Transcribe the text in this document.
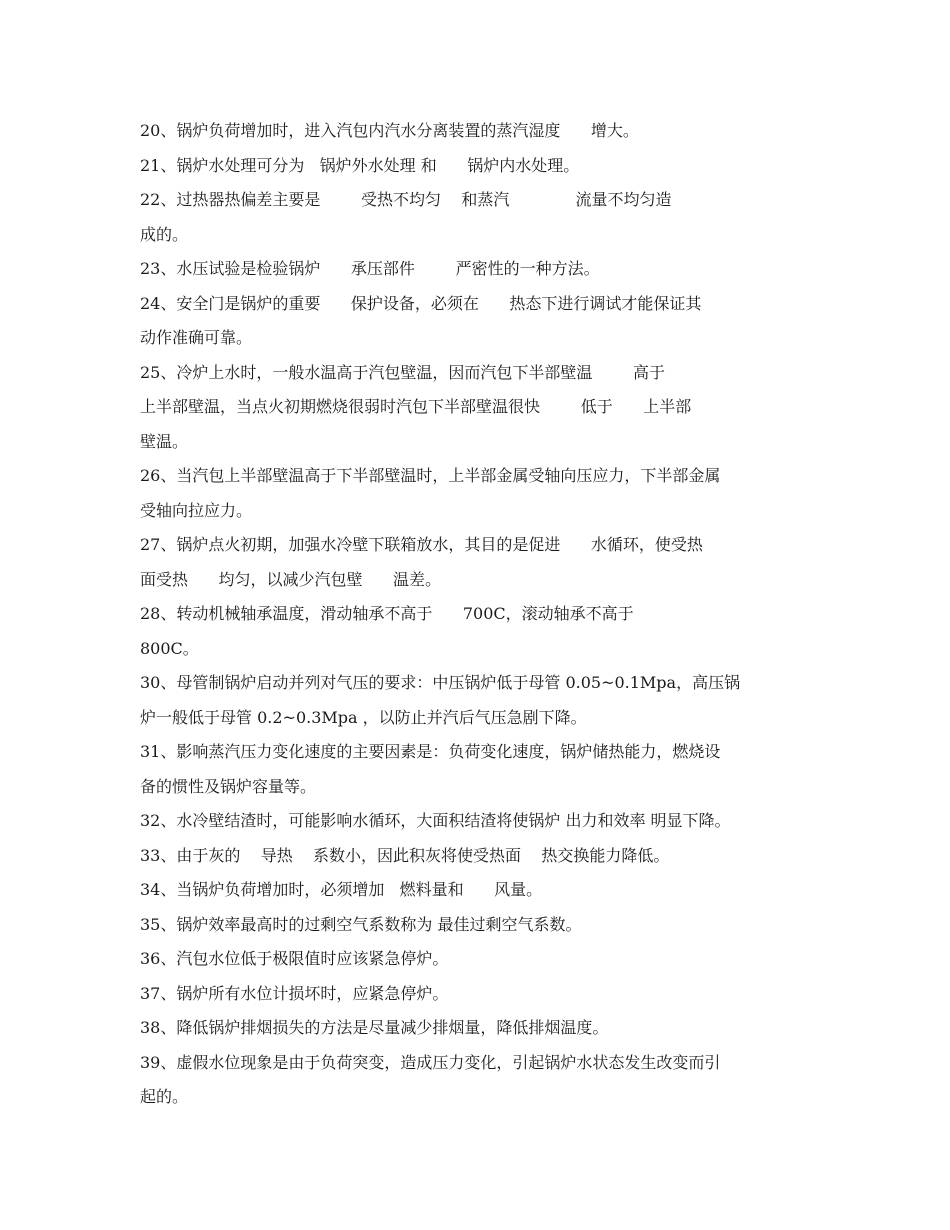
20、锅炉负荷增加时，进入汽包内汽水分离装置的蒸汽湿度      增大。
21、锅炉水处理可分为   锅炉外水处理 和      锅炉内水处理。
22、过热器热偏差主要是        受热不均匀    和蒸汽             流量不均匀造
成的。
23、水压试验是检验锅炉      承压部件        严密性的一种方法。
24、安全门是锅炉的重要      保护设备，必须在      热态下进行调试才能保证其
动作准确可靠。
25、冷炉上水时，一般水温高于汽包壁温，因而汽包下半部壁温        高于
上半部壁温，当点火初期燃烧很弱时汽包下半部壁温很快        低于      上半部
壁温。
26、当汽包上半部壁温高于下半部壁温时，上半部金属受轴向压应力，下半部金属
受轴向拉应力。
27、锅炉点火初期，加强水冷壁下联箱放水，其目的是促进      水循环，使受热
面受热      均匀，以减少汽包壁      温差。
28、转动机械轴承温度，滑动轴承不高于      700C，滚动轴承不高于
800C。
30、母管制锅炉启动并列对气压的要求：中压锅炉低于母管 0.05~0.1Mpa，高压锅
炉一般低于母管 0.2~0.3Mpa ，以防止并汽后气压急剧下降。
31、影响蒸汽压力变化速度的主要因素是：负荷变化速度，锅炉储热能力，燃烧设
备的惯性及锅炉容量等。
32、水冷壁结渣时，可能影响水循环，大面积结渣将使锅炉 出力和效率 明显下降。
33、由于灰的    导热    系数小，因此积灰将使受热面    热交换能力降低。
34、当锅炉负荷增加时，必须增加   燃料量和      风量。
35、锅炉效率最高时的过剩空气系数称为 最佳过剩空气系数。
36、汽包水位低于极限值时应该紧急停炉。
37、锅炉所有水位计损坏时，应紧急停炉。
38、降低锅炉排烟损失的方法是尽量减少排烟量，降低排烟温度。
39、虚假水位现象是由于负荷突变，造成压力变化，引起锅炉水状态发生改变而引
起的。
